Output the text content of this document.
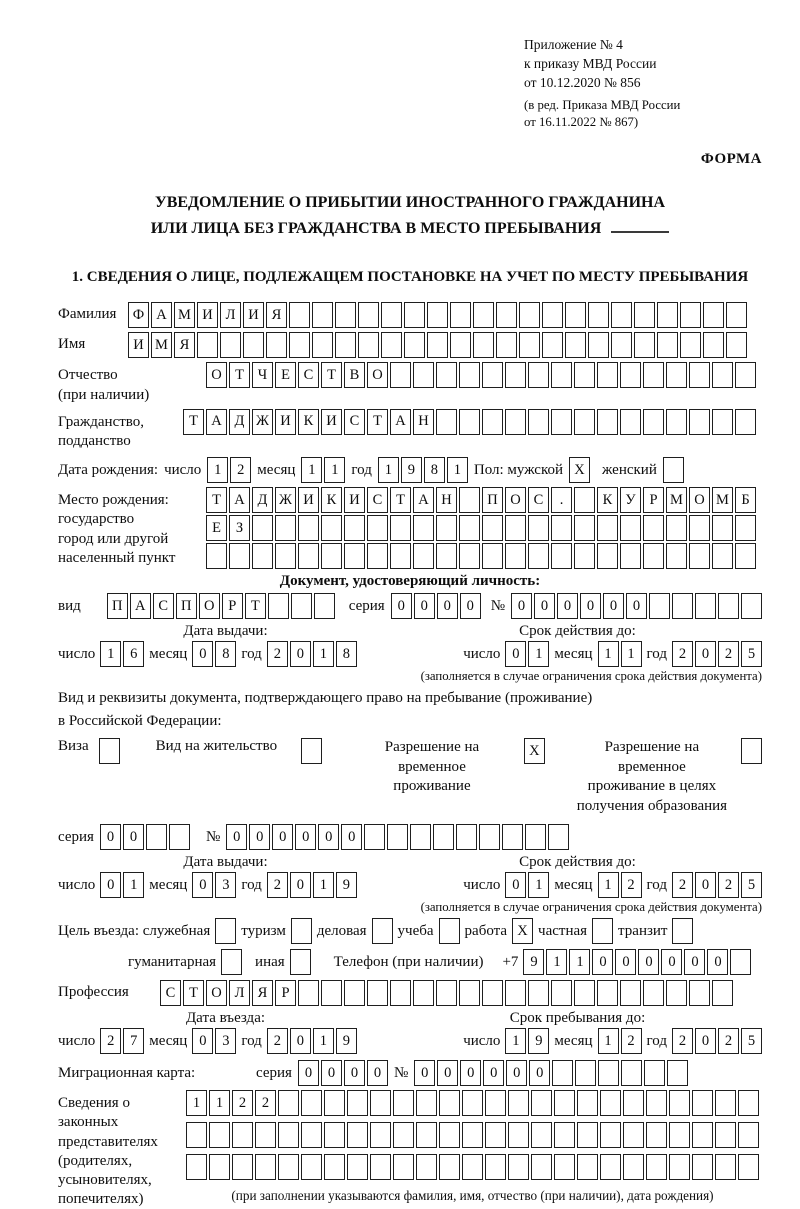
Приложение № 4
к приказу МВД России
от 10.12.2020 № 856
(в ред. Приказа МВД России
от 16.11.2022 № 867)
ФОРМА
УВЕДОМЛЕНИЕ О ПРИБЫТИИ ИНОСТРАННОГО ГРАЖДАНИНА
ИЛИ ЛИЦА БЕЗ ГРАЖДАНСТВА В МЕСТО ПРЕБЫВАНИЯ
1. СВЕДЕНИЯ О ЛИЦЕ, ПОДЛЕЖАЩЕМ ПОСТАНОВКЕ НА УЧЕТ ПО МЕСТУ ПРЕБЫВАНИЯ
Фамилия	Ф А М И Л И Я
Имя	И М Я
Отчество
(при наличии)
О Т Ч Е С Т В О
Гражданство,
подданство
Т А Д Ж И К И С Т А Н
Дата рождения: число 1	2 месяц 1	1 год 1	9	8	1 Пол: мужской X	женский
Место рождения:
государство
город или другой
населенный пункт
Т А Д Ж И К И С Т А Н	П О С	.	К У Р М О М Б
Е	З
Документ, удостоверяющий личность:
вид	П А С П О Р	Т	серия 0	0	0	0	№ 0	0	0	0	0	0
Дата выдачи:	Срок действия до:
число 1	6 месяц 0	8 год 2	0	1	8	число 0	1 месяц 1	1 год 2	0	2	5
(заполняется в случае ограничения срока действия документа)
Вид и реквизиты документа, подтверждающего право на пребывание (проживание)
в Российской Федерации:
Виза	Вид на жительство	Разрешение на временное
проживание
X	Разрешение на временное
проживание в целях
получения образования
серия 0	0	№ 0	0	0	0	0	0
Дата выдачи:	Срок действия до:
число 0	1 месяц 0	3 год 2	0	1	9	число 0	1 месяц 1	2 год 2	0	2	5
(заполняется в случае ограничения срока действия документа)
Цель въезда: служебная туризм деловая учеба работа X частная транзит
гуманитарная	иная	Телефон (при наличии) +7 9	1	1	0	0	0	0	0	0
Профессия	С Т О Л Я Р
Дата въезда:	Срок пребывания до:
число 2	7 месяц 0	3 год 2	0	1	9	число 1	9 месяц 1	2 год 2	0	2	5
Миграционная карта:	серия 0	0	0	0 № 0	0	0	0	0	0
Сведения о
законных
представителях
(родителях,
усыновителях,
попечителях)
1	1	2	2
(при заполнении указываются фамилия, имя, отчество (при наличии), дата рождения)
